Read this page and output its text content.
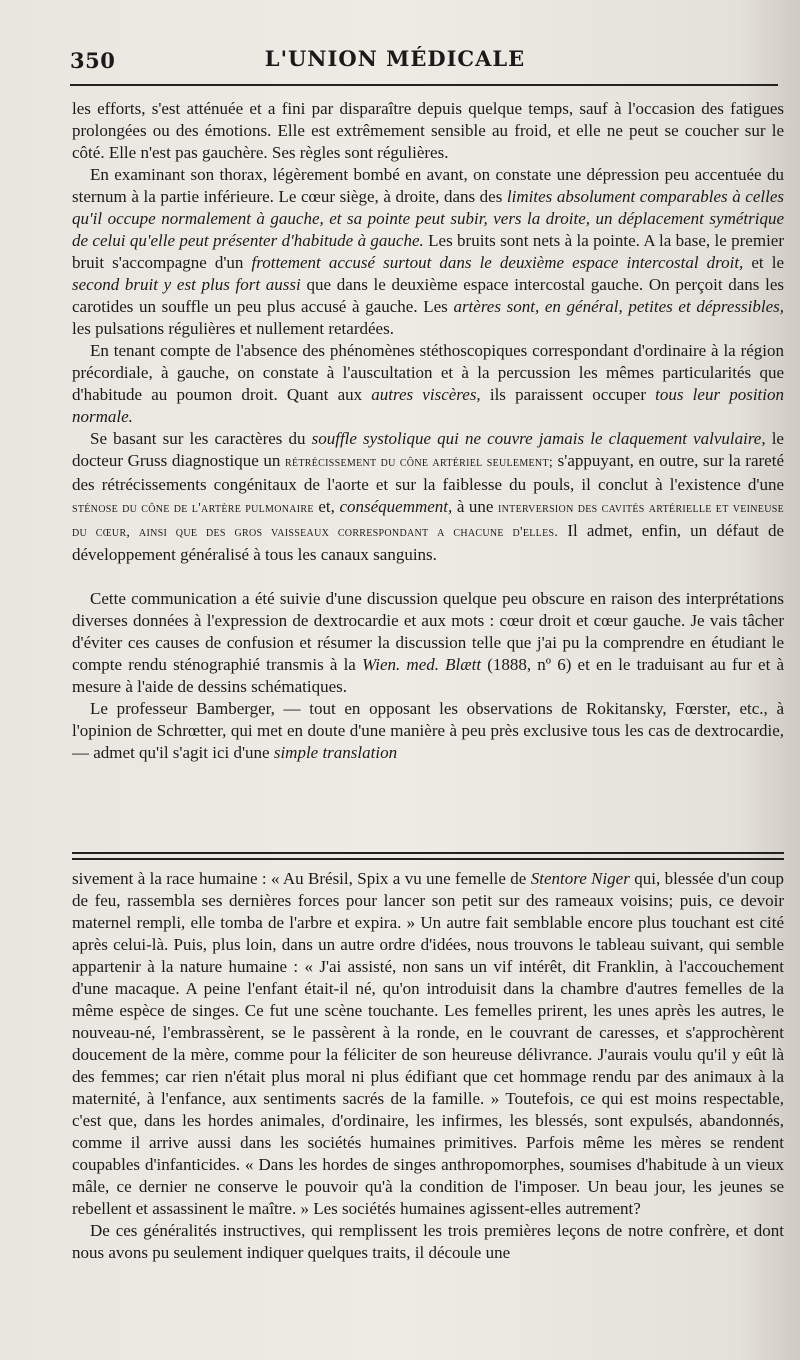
350	L'UNION MÉDICALE

les efforts, s'est atténuée et a fini par disparaître depuis quelque temps, sauf à l'occasion des fatigues prolongées ou des émotions. Elle est extrêmement sensible au froid, et elle ne peut se coucher sur le côté. Elle n'est pas gauchère. Ses règles sont régulières.

En examinant son thorax, légèrement bombé en avant, on constate une dépression peu accentuée du sternum à la partie inférieure. Le cœur siège, à droite, dans des limites absolument comparables à celles qu'il occupe normalement à gauche, et sa pointe peut subir, vers la droite, un déplacement symétrique de celui qu'elle peut présenter d'habitude à gauche. Les bruits sont nets à la pointe. A la base, le premier bruit s'accompagne d'un frottement accusé surtout dans le deuxième espace intercostal droit, et le second bruit y est plus fort aussi que dans le deuxième espace intercostal gauche. On perçoit dans les carotides un souffle un peu plus accusé à gauche. Les artères sont, en général, petites et dépressibles, les pulsations régulières et nullement retardées.

En tenant compte de l'absence des phénomènes stéthoscopiques correspondant d'ordinaire à la région précordiale, à gauche, on constate à l'auscultation et à la percussion les mêmes particularités que d'habitude au poumon droit. Quant aux autres viscères, ils paraissent occuper tous leur position normale.

Se basant sur les caractères du souffle systolique qui ne couvre jamais le claquement valvulaire, le docteur Gruss diagnostique un rétrécissement du cône artériel seulement; s'appuyant, en outre, sur la rareté des rétrécissements congénitaux de l'aorte et sur la faiblesse du pouls, il conclut à l'existence d'une sténose du cône de l'artère pulmonaire et, conséquemment, à une interversion des cavités artérielle et veineuse du cœur, ainsi que des gros vaisseaux correspondant a chacune d'elles. Il admet, enfin, un défaut de développement généralisé à tous les canaux sanguins.

Cette communication a été suivie d'une discussion quelque peu obscure en raison des interprétations diverses données à l'expression de dextrocardie et aux mots : cœur droit et cœur gauche. Je vais tâcher d'éviter ces causes de confusion et résumer la discussion telle que j'ai pu la comprendre en étudiant le compte rendu sténographié transmis à la Wien. med. Blætt (1888, nº 6) et en le traduisant au fur et à mesure à l'aide de dessins schématiques.

Le professeur Bamberger, — tout en opposant les observations de Rokitansky, Fœrster, etc., à l'opinion de Schrœtter, qui met en doute d'une manière à peu près exclusive tous les cas de dextrocardie, — admet qu'il s'agit ici d'une simple translation

sivement à la race humaine : « Au Brésil, Spix a vu une femelle de Stentore Niger qui, blessée d'un coup de feu, rassembla ses dernières forces pour lancer son petit sur des rameaux voisins; puis, ce devoir maternel rempli, elle tomba de l'arbre et expira. » Un autre fait semblable encore plus touchant est cité après celui-là. Puis, plus loin, dans un autre ordre d'idées, nous trouvons le tableau suivant, qui semble appartenir à la nature humaine : « J'ai assisté, non sans un vif intérêt, dit Franklin, à l'accouchement d'une macaque. A peine l'enfant était-il né, qu'on introduisit dans la chambre d'autres femelles de la même espèce de singes. Ce fut une scène touchante. Les femelles prirent, les unes après les autres, le nouveau-né, l'embrassèrent, se le passèrent à la ronde, en le couvrant de caresses, et s'approchèrent doucement de la mère, comme pour la féliciter de son heureuse délivrance. J'aurais voulu qu'il y eût là des femmes; car rien n'était plus moral ni plus édifiant que cet hommage rendu par des animaux à la maternité, à l'enfance, aux sentiments sacrés de la famille. » Toutefois, ce qui est moins respectable, c'est que, dans les hordes animales, d'ordinaire, les infirmes, les blessés, sont expulsés, abandonnés, comme il arrive aussi dans les sociétés humaines primitives. Parfois même les mères se rendent coupables d'infanticides. « Dans les hordes de singes anthropomorphes, soumises d'habitude à un vieux mâle, ce dernier ne conserve le pouvoir qu'à la condition de l'imposer. Un beau jour, les jeunes se rebellent et assassinent le maître. » Les sociétés humaines agissent-elles autrement?

De ces généralités instructives, qui remplissent les trois premières leçons de notre confrère, et dont nous avons pu seulement indiquer quelques traits, il découle une
